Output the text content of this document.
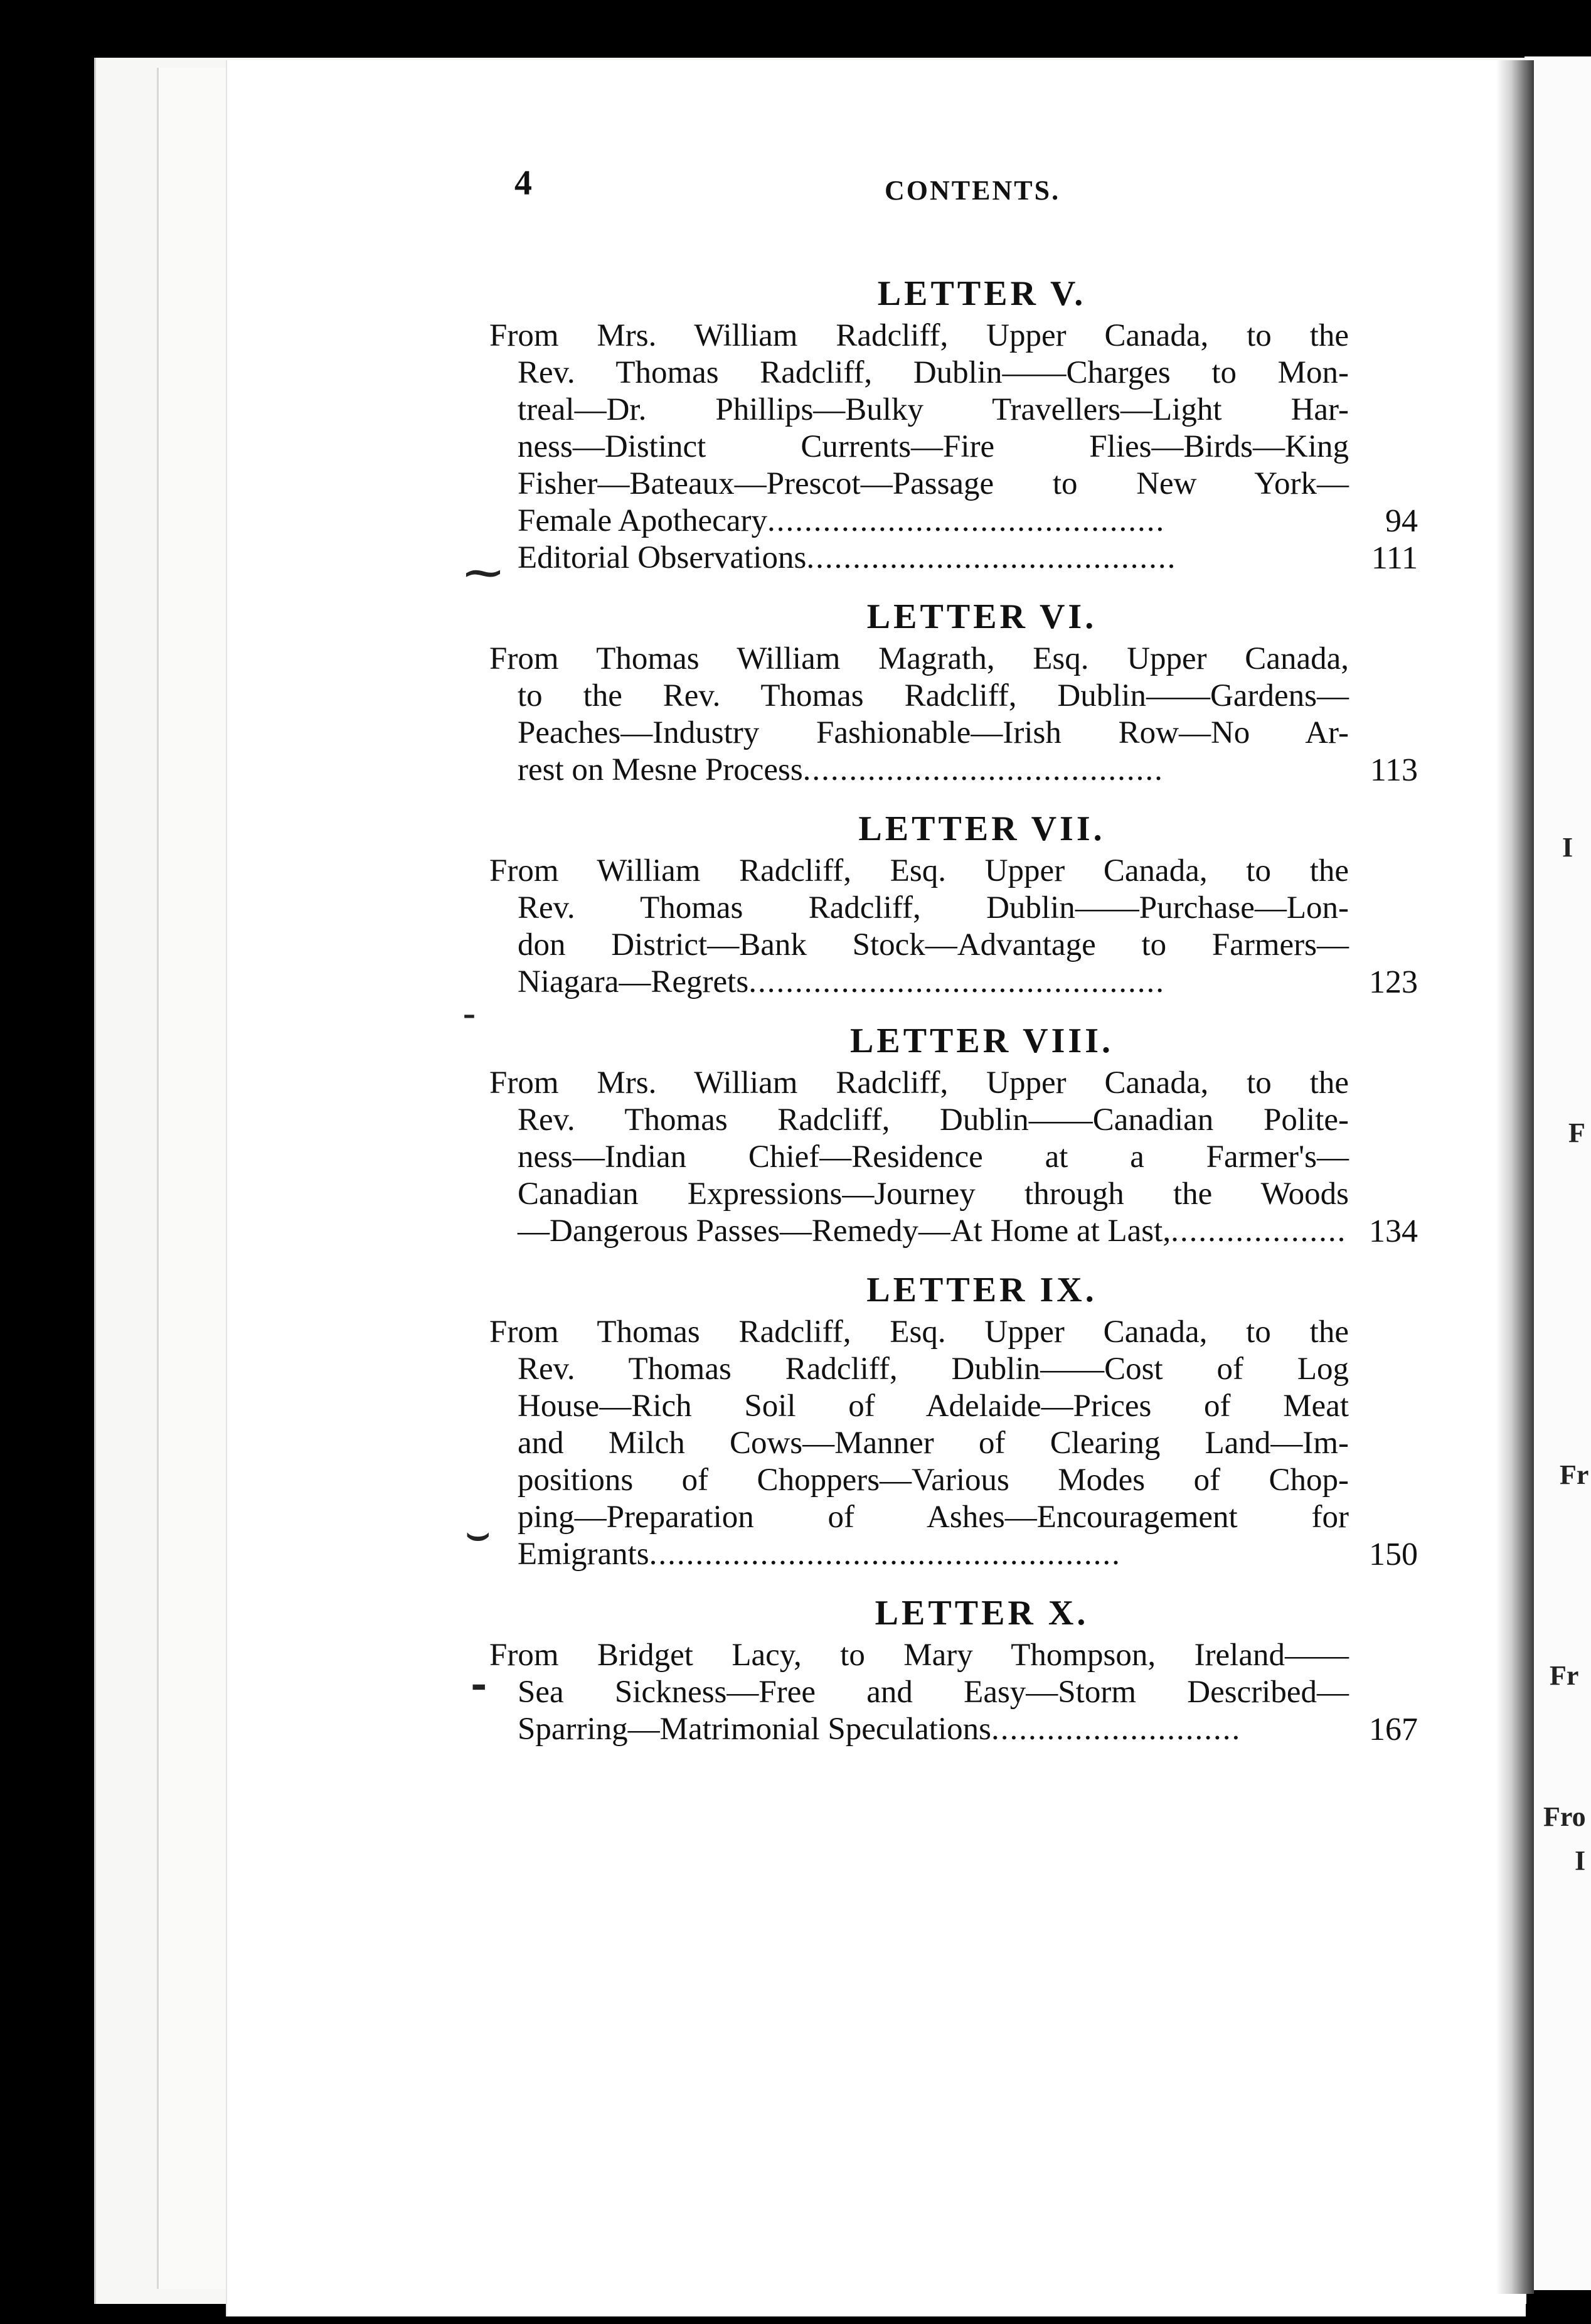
I
F
Fr
Fr
Fro
I
⁓
-
⌣
⁃
4	CONTENTS.
LETTER V.
From Mrs. William Radcliff, Upper Canada, to the
Rev. Thomas Radcliff, Dublin——Charges to Mon-
treal—Dr. Phillips—Bulky Travellers—Light Har-
ness—Distinct Currents—Fire Flies—Birds—King
Fisher—Bateaux—Prescot—Passage to New York—
Female Apothecary...........................................	94
Editorial Observations........................................	111
LETTER VI.
From Thomas William Magrath, Esq. Upper Canada,
to the Rev. Thomas Radcliff, Dublin——Gardens—
Peaches—Industry Fashionable—Irish Row—No Ar-
rest on Mesne Process.......................................	113
LETTER VII.
From William Radcliff, Esq. Upper Canada, to the
Rev. Thomas Radcliff, Dublin——Purchase—Lon-
don District—Bank Stock—Advantage to Farmers—
Niagara—Regrets.............................................	123
LETTER VIII.
From Mrs. William Radcliff, Upper Canada, to the
Rev. Thomas Radcliff, Dublin——Canadian Polite-
ness—Indian Chief—Residence at a Farmer's—
Canadian Expressions—Journey through the Woods
—Dangerous Passes—Remedy—At Home at Last,................... 134
LETTER IX.
From Thomas Radcliff, Esq. Upper Canada, to the
Rev. Thomas Radcliff, Dublin——Cost of Log
House—Rich Soil of Adelaide—Prices of Meat
and Milch Cows—Manner of Clearing Land—Im-
positions of Choppers—Various Modes of Chop-
ping—Preparation of Ashes—Encouragement for
Emigrants...................................................	150
LETTER X.
From Bridget Lacy, to Mary Thompson, Ireland——
Sea Sickness—Free and Easy—Storm Described—
Sparring—Matrimonial Speculations...........................	167
